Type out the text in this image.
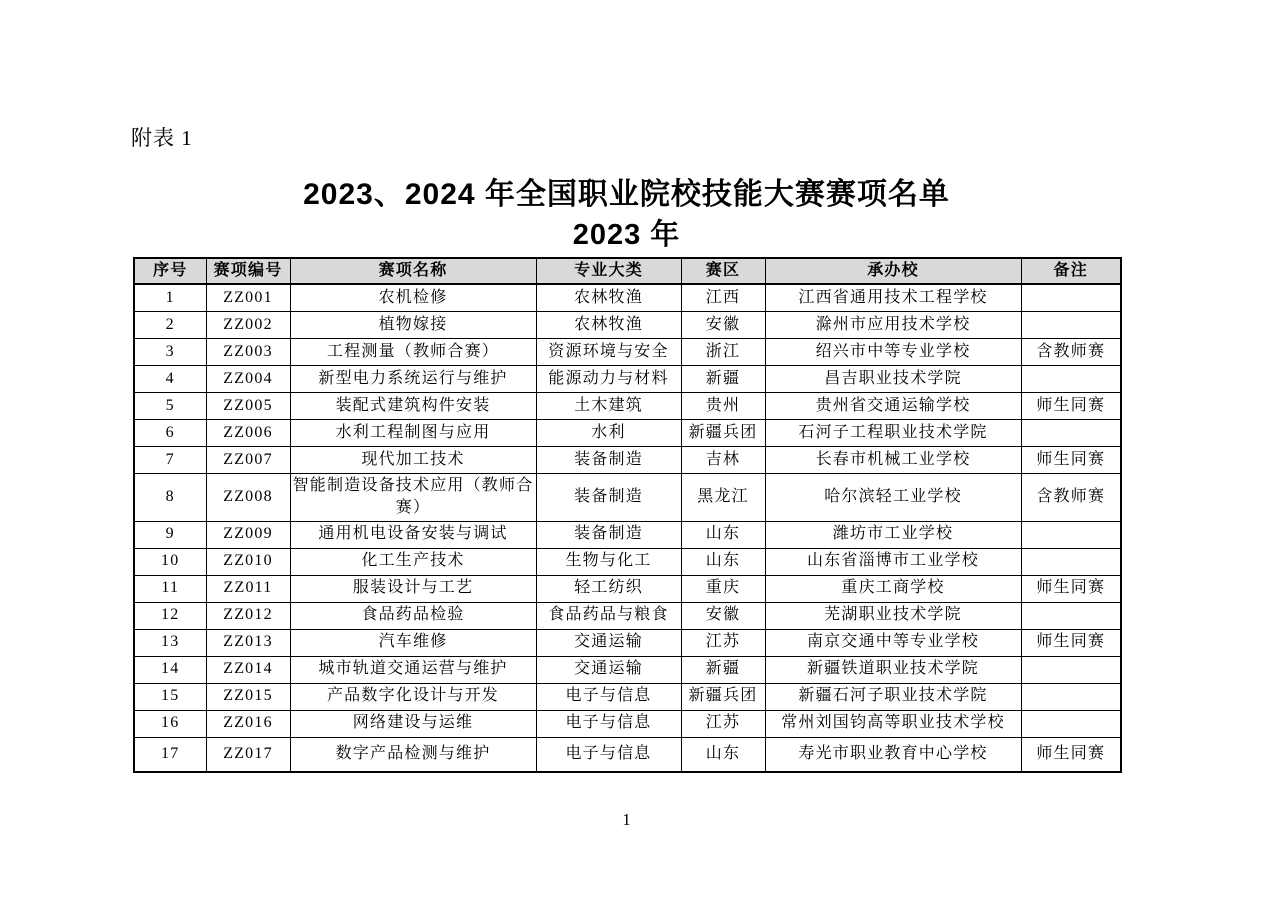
附表 1
2023、2024 年全国职业院校技能大赛赛项名单
2023 年
序号	赛项编号	赛项名称	专业大类	赛区	承办校	备注
1	ZZ001	农机检修	农林牧渔	江西	江西省通用技术工程学校	
2	ZZ002	植物嫁接	农林牧渔	安徽	滁州市应用技术学校	
3	ZZ003	工程测量（教师合赛）	资源环境与安全	浙江	绍兴市中等专业学校	含教师赛
4	ZZ004	新型电力系统运行与维护	能源动力与材料	新疆	昌吉职业技术学院	
5	ZZ005	装配式建筑构件安装	土木建筑	贵州	贵州省交通运输学校	师生同赛
6	ZZ006	水利工程制图与应用	水利	新疆兵团	石河子工程职业技术学院	
7	ZZ007	现代加工技术	装备制造	吉林	长春市机械工业学校	师生同赛
8	ZZ008	智能制造设备技术应用（教师合赛）	装备制造	黑龙江	哈尔滨轻工业学校	含教师赛
9	ZZ009	通用机电设备安装与调试	装备制造	山东	潍坊市工业学校	
10	ZZ010	化工生产技术	生物与化工	山东	山东省淄博市工业学校	
11	ZZ011	服装设计与工艺	轻工纺织	重庆	重庆工商学校	师生同赛
12	ZZ012	食品药品检验	食品药品与粮食	安徽	芜湖职业技术学院	
13	ZZ013	汽车维修	交通运输	江苏	南京交通中等专业学校	师生同赛
14	ZZ014	城市轨道交通运营与维护	交通运输	新疆	新疆铁道职业技术学院	
15	ZZ015	产品数字化设计与开发	电子与信息	新疆兵团	新疆石河子职业技术学院	
16	ZZ016	网络建设与运维	电子与信息	江苏	常州刘国钧高等职业技术学校	
17	ZZ017	数字产品检测与维护	电子与信息	山东	寿光市职业教育中心学校	师生同赛
1
